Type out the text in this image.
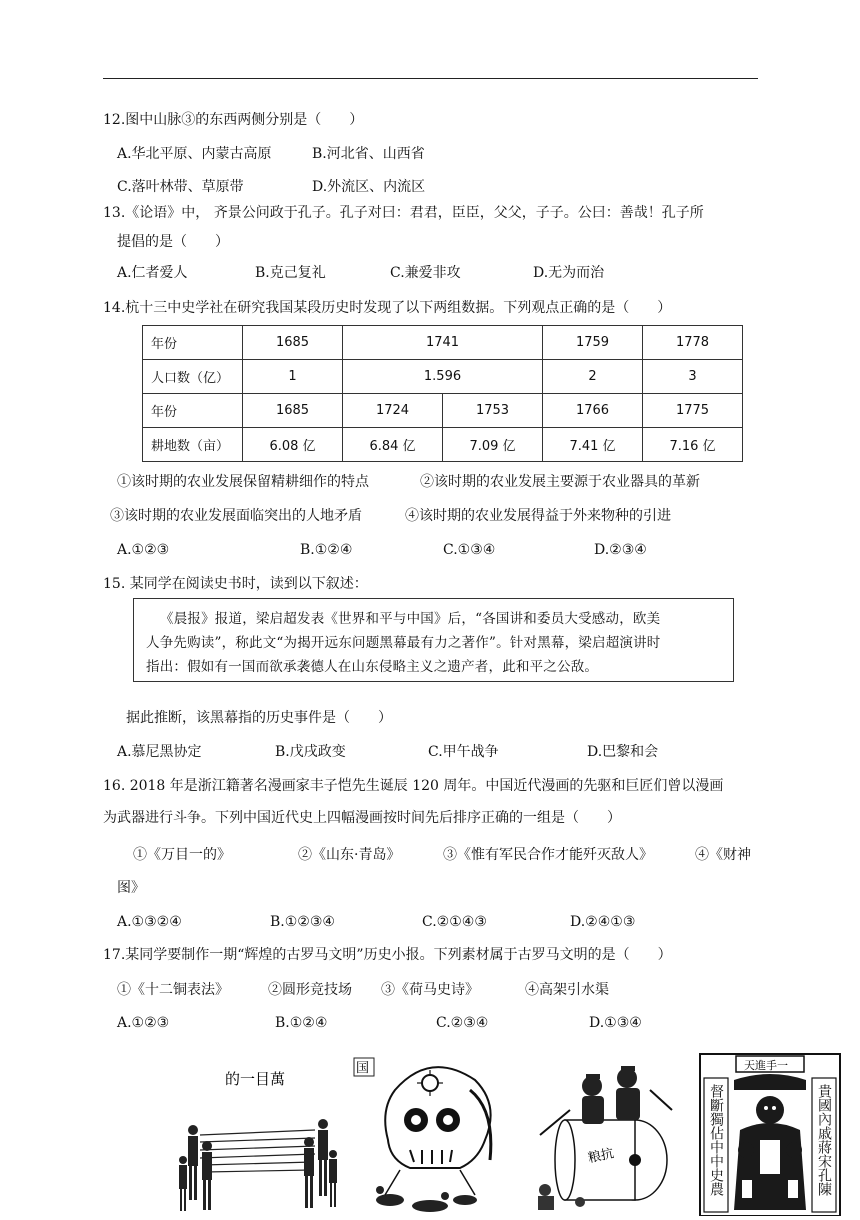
12.图中山脉③的东西两侧分别是（　　）
A.华北平原、内蒙古高原	B.河北省、山西省
C.落叶林带、草原带	D.外流区、内流区
13.《论语》中， 齐景公问政于孔子。孔子对曰：君君，臣臣，父父，子子。公曰：善哉！孔子所
提倡的是（　　）
A.仁者爱人	B.克己复礼	C.兼爱非攻	D.无为而治
14.杭十三中史学社在研究我国某段历史时发现了以下两组数据。下列观点正确的是（　　）
年份	1685	1741		1759	1778
人口数（亿）	1	1.596		2	3
年份	1685	1724	1753	1766	1775
耕地数（亩）	6.08 亿	6.84 亿	7.09 亿	7.41 亿	7.16 亿
①该时期的农业发展保留精耕细作的特点	②该时期的农业发展主要源于农业器具的革新
③该时期的农业发展面临突出的人地矛盾	④该时期的农业发展得益于外来物种的引进
A.①②③	B.①②④	C.①③④	D.②③④
15. 某同学在阅读史书时，读到以下叙述：
《晨报》报道，梁启超发表《世界和平与中国》后，“各国讲和委员大受感动，欧美
人争先购读”，称此文“为揭开远东问题黑幕最有力之著作”。针对黑幕，梁启超演讲时
指出：假如有一国而欲承袭德人在山东侵略主义之遗产者，此和平之公敌。
据此推断，该黑幕指的历史事件是（　　）
A.慕尼黑协定	B.戊戌政变	C.甲午战争	D.巴黎和会
16. 2018 年是浙江籍著名漫画家丰子恺先生诞辰 120 周年。中国近代漫画的先驱和巨匠们曾以漫画
为武器进行斗争。下列中国近代史上四幅漫画按时间先后排序正确的一组是（　　）
①《万目一的》	②《山东·青岛》	③《惟有军民合作才能歼灭敌人》	④《财神
图》
A.①③②④	B.①②③④	C.②①④③	D.②④①③
17.某同学要制作一期“辉煌的古罗马文明”历史小报。下列素材属于古罗马文明的是（　　）
①《十二铜表法》	②圆形竞技场 ③《荷马史诗》	④高架引水渠
A.①②③	B.①②④	C.②③④	D.①③④
的一目萬
国
粮抗
天進手一
督斷獨佔中中史農	貴國內戚蔣宋孔陳
